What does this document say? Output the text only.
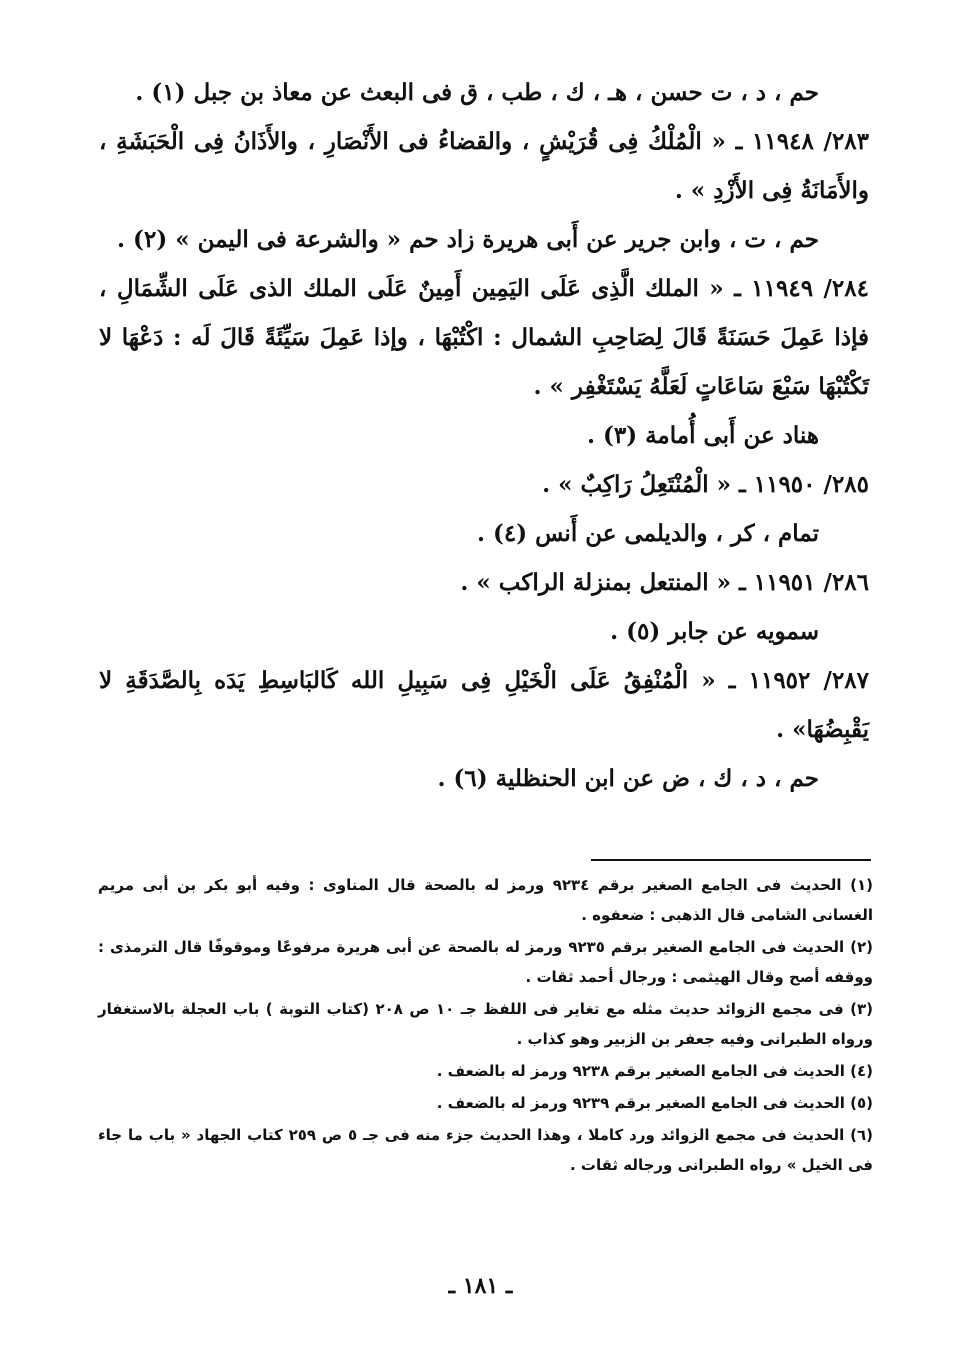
حم ، د ، ت حسن ، هـ ، ك ، طب ، ق فى البعث عن معاذ بن جبل (١) .

٢٨٣/ ١١٩٤٨ ـ « الْمُلْكُ فِى قُرَيْشٍ ، والقضاءُ فى الأَنْصَارِ ، والأَذَانُ فِى الْحَبَشَةِ ، والأَمَانَةُ فِى الأَزْدِ » .

حم ، ت ، وابن جرير عن أَبى هريرة زاد حم « والشرعة فى اليمن » (٢) .

٢٨٤/ ١١٩٤٩ ـ « الملك الَّذِى عَلَى اليَمِين أَمِينٌ عَلَى الملك الذى عَلَى الشِّمَالِ ، فإذا عَمِلَ حَسَنَةً قَالَ لِصَاحِبِ الشمال : اكْتُبْهَا ، وإذا عَمِلَ سَيِّئَةً قَالَ لَه : دَعْهَا لا تَكْتُبْهَا سَبْعَ سَاعَاتٍ لَعَلَّهُ يَسْتَغْفِر » .

هناد عن أَبى أُمامة (٣) .

٢٨٥/ ١١٩٥٠ ـ « الْمُنْتَعِلُ رَاكِبٌ » .

تمام ، كر ، والديلمى عن أَنس (٤) .

٢٨٦/ ١١٩٥١ ـ « المنتعل بمنزلة الراكب » .

سمويه عن جابر (٥) .

٢٨٧/ ١١٩٥٢ ـ « الْمُنْفِقُ عَلَى الْخَيْلِ فِى سَبِيلِ الله كَالبَاسِطِ يَدَه بِالصَّدَقَةِ لا يَقْبِضُهَا» .

حم ، د ، ك ، ض عن ابن الحنظلية (٦) .

(١) الحديث فى الجامع الصغير برقم ٩٢٣٤ ورمز له بالصحة قال المناوى : وفيه أبو بكر بن أبى مريم الغسانى الشامى قال الذهبى : ضعفوه .

(٢) الحديث فى الجامع الصغير برقم ٩٢٣٥ ورمز له بالصحة عن أبى هريرة مرفوعًا وموقوفًا قال الترمذى : ووقفه أصح وقال الهيثمى : ورجال أحمد ثقات .

(٣) فى مجمع الزوائد حديث مثله مع تغاير فى اللفظ جـ ١٠ ص ٢٠٨ (كتاب التوبة ) باب العجلة بالاستغفار ورواه الطبرانى وفيه جعفر بن الزبير وهو كذاب .

(٤) الحديث فى الجامع الصغير برقم ٩٢٣٨ ورمز له بالضعف .

(٥) الحديث فى الجامع الصغير برقم ٩٢٣٩ ورمز له بالضعف .

(٦) الحديث فى مجمع الزوائد ورد كاملا ، وهذا الحديث جزء منه فى جـ ٥ ص ٢٥٩ كتاب الجهاد « باب ما جاء فى الخيل » رواه الطبرانى ورجاله ثقات .

ـ ١٨١ ـ
